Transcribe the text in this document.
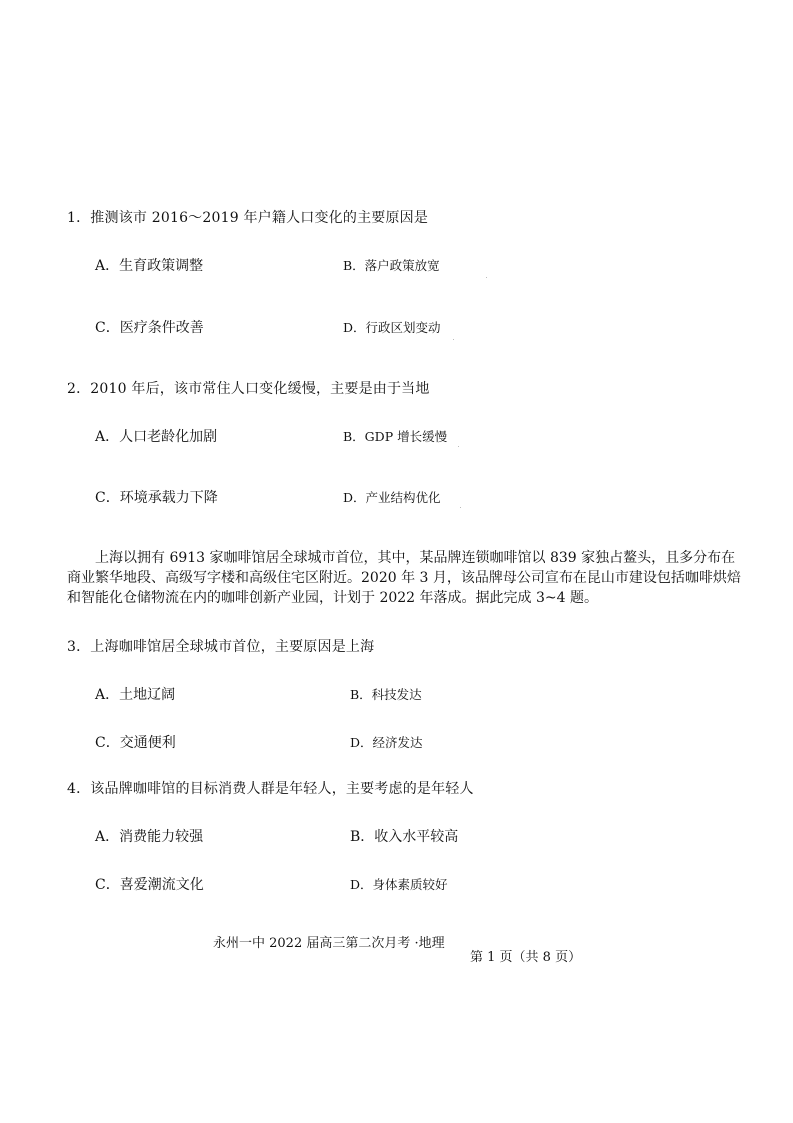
1．推测该市 2016～2019 年户籍人口变化的主要原因是
A．生育政策调整	B．落户政策放宽
C．医疗条件改善	D．行政区划变动
2．2010 年后，该市常住人口变化缓慢，主要是由于当地
A．人口老龄化加剧	B．GDP 增长缓慢
C．环境承载力下降	D．产业结构优化
上海以拥有 6913 家咖啡馆居全球城市首位，其中，某品牌连锁咖啡馆以 839 家独占鳌头，且多分布在商业繁华地段、高级写字楼和高级住宅区附近。2020 年 3 月，该品牌母公司宣布在昆山市建设包括咖啡烘焙和智能化仓储物流在内的咖啡创新产业园，计划于 2022 年落成。据此完成 3~4 题。
3．上海咖啡馆居全球城市首位，主要原因是上海
A．土地辽阔	B．科技发达
C．交通便利	D．经济发达
4．该品牌咖啡馆的目标消费人群是年轻人，主要考虑的是年轻人
A．消费能力较强	B．收入水平较高
C．喜爱潮流文化	D．身体素质较好
永州一中 2022 届高三第二次月考 ·地理
第 1 页（共 8 页）
